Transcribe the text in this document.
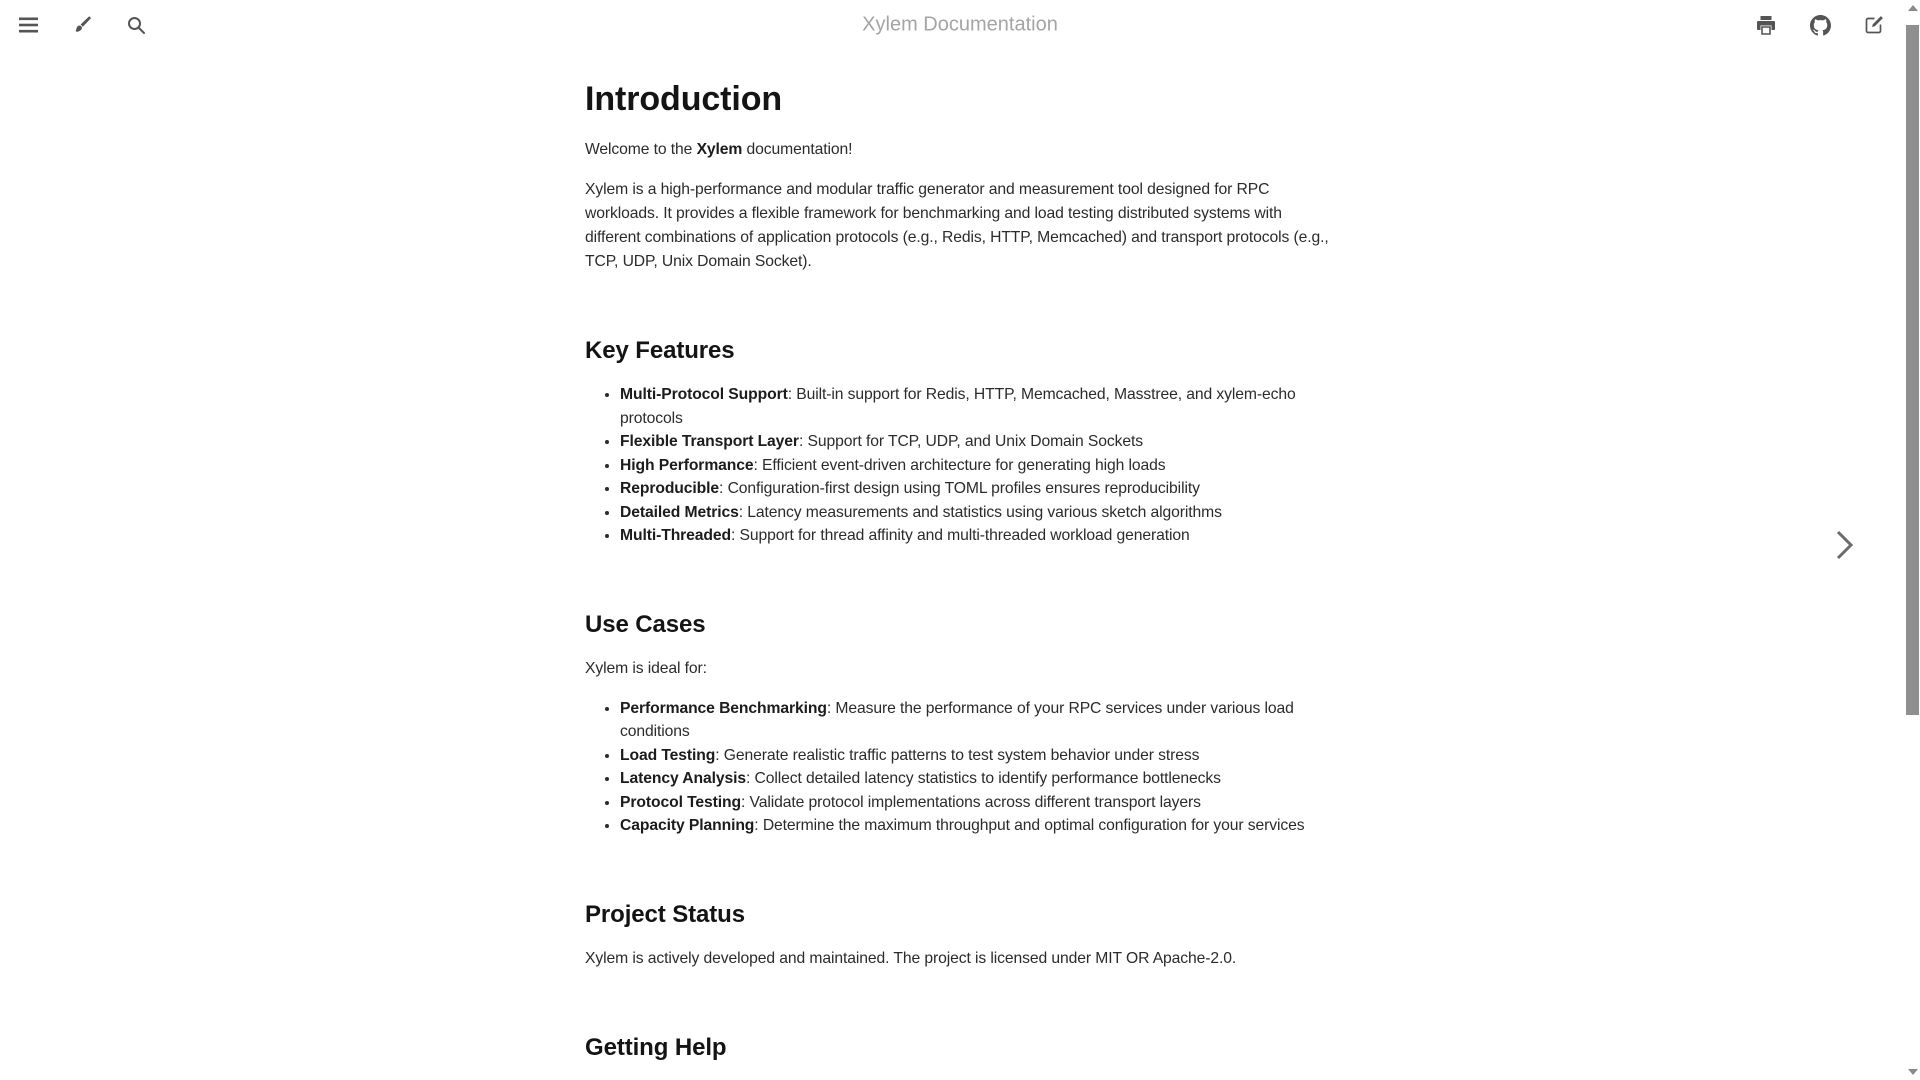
Xylem Documentation
Introduction

Welcome to the Xylem documentation!

Xylem is a high-performance and modular traffic generator and measurement tool designed for RPC workloads. It provides a flexible framework for benchmarking and load testing distributed systems with different combinations of application protocols (e.g., Redis, HTTP, Memcached) and transport protocols (e.g., TCP, UDP, Unix Domain Socket).

Key Features
• Multi-Protocol Support: Built-in support for Redis, HTTP, Memcached, Masstree, and xylem-echo protocols
• Flexible Transport Layer: Support for TCP, UDP, and Unix Domain Sockets
• High Performance: Efficient event-driven architecture for generating high loads
• Reproducible: Configuration-first design using TOML profiles ensures reproducibility
• Detailed Metrics: Latency measurements and statistics using various sketch algorithms
• Multi-Threaded: Support for thread affinity and multi-threaded workload generation
Use Cases

Xylem is ideal for:

• Performance Benchmarking: Measure the performance of your RPC services under various load conditions
• Load Testing: Generate realistic traffic patterns to test system behavior under stress
• Latency Analysis: Collect detailed latency statistics to identify performance bottlenecks
• Protocol Testing: Validate protocol implementations across different transport layers
• Capacity Planning: Determine the maximum throughput and optimal configuration for your services
Project Status

Xylem is actively developed and maintained. The project is licensed under MIT OR Apache-2.0.

Getting Help
